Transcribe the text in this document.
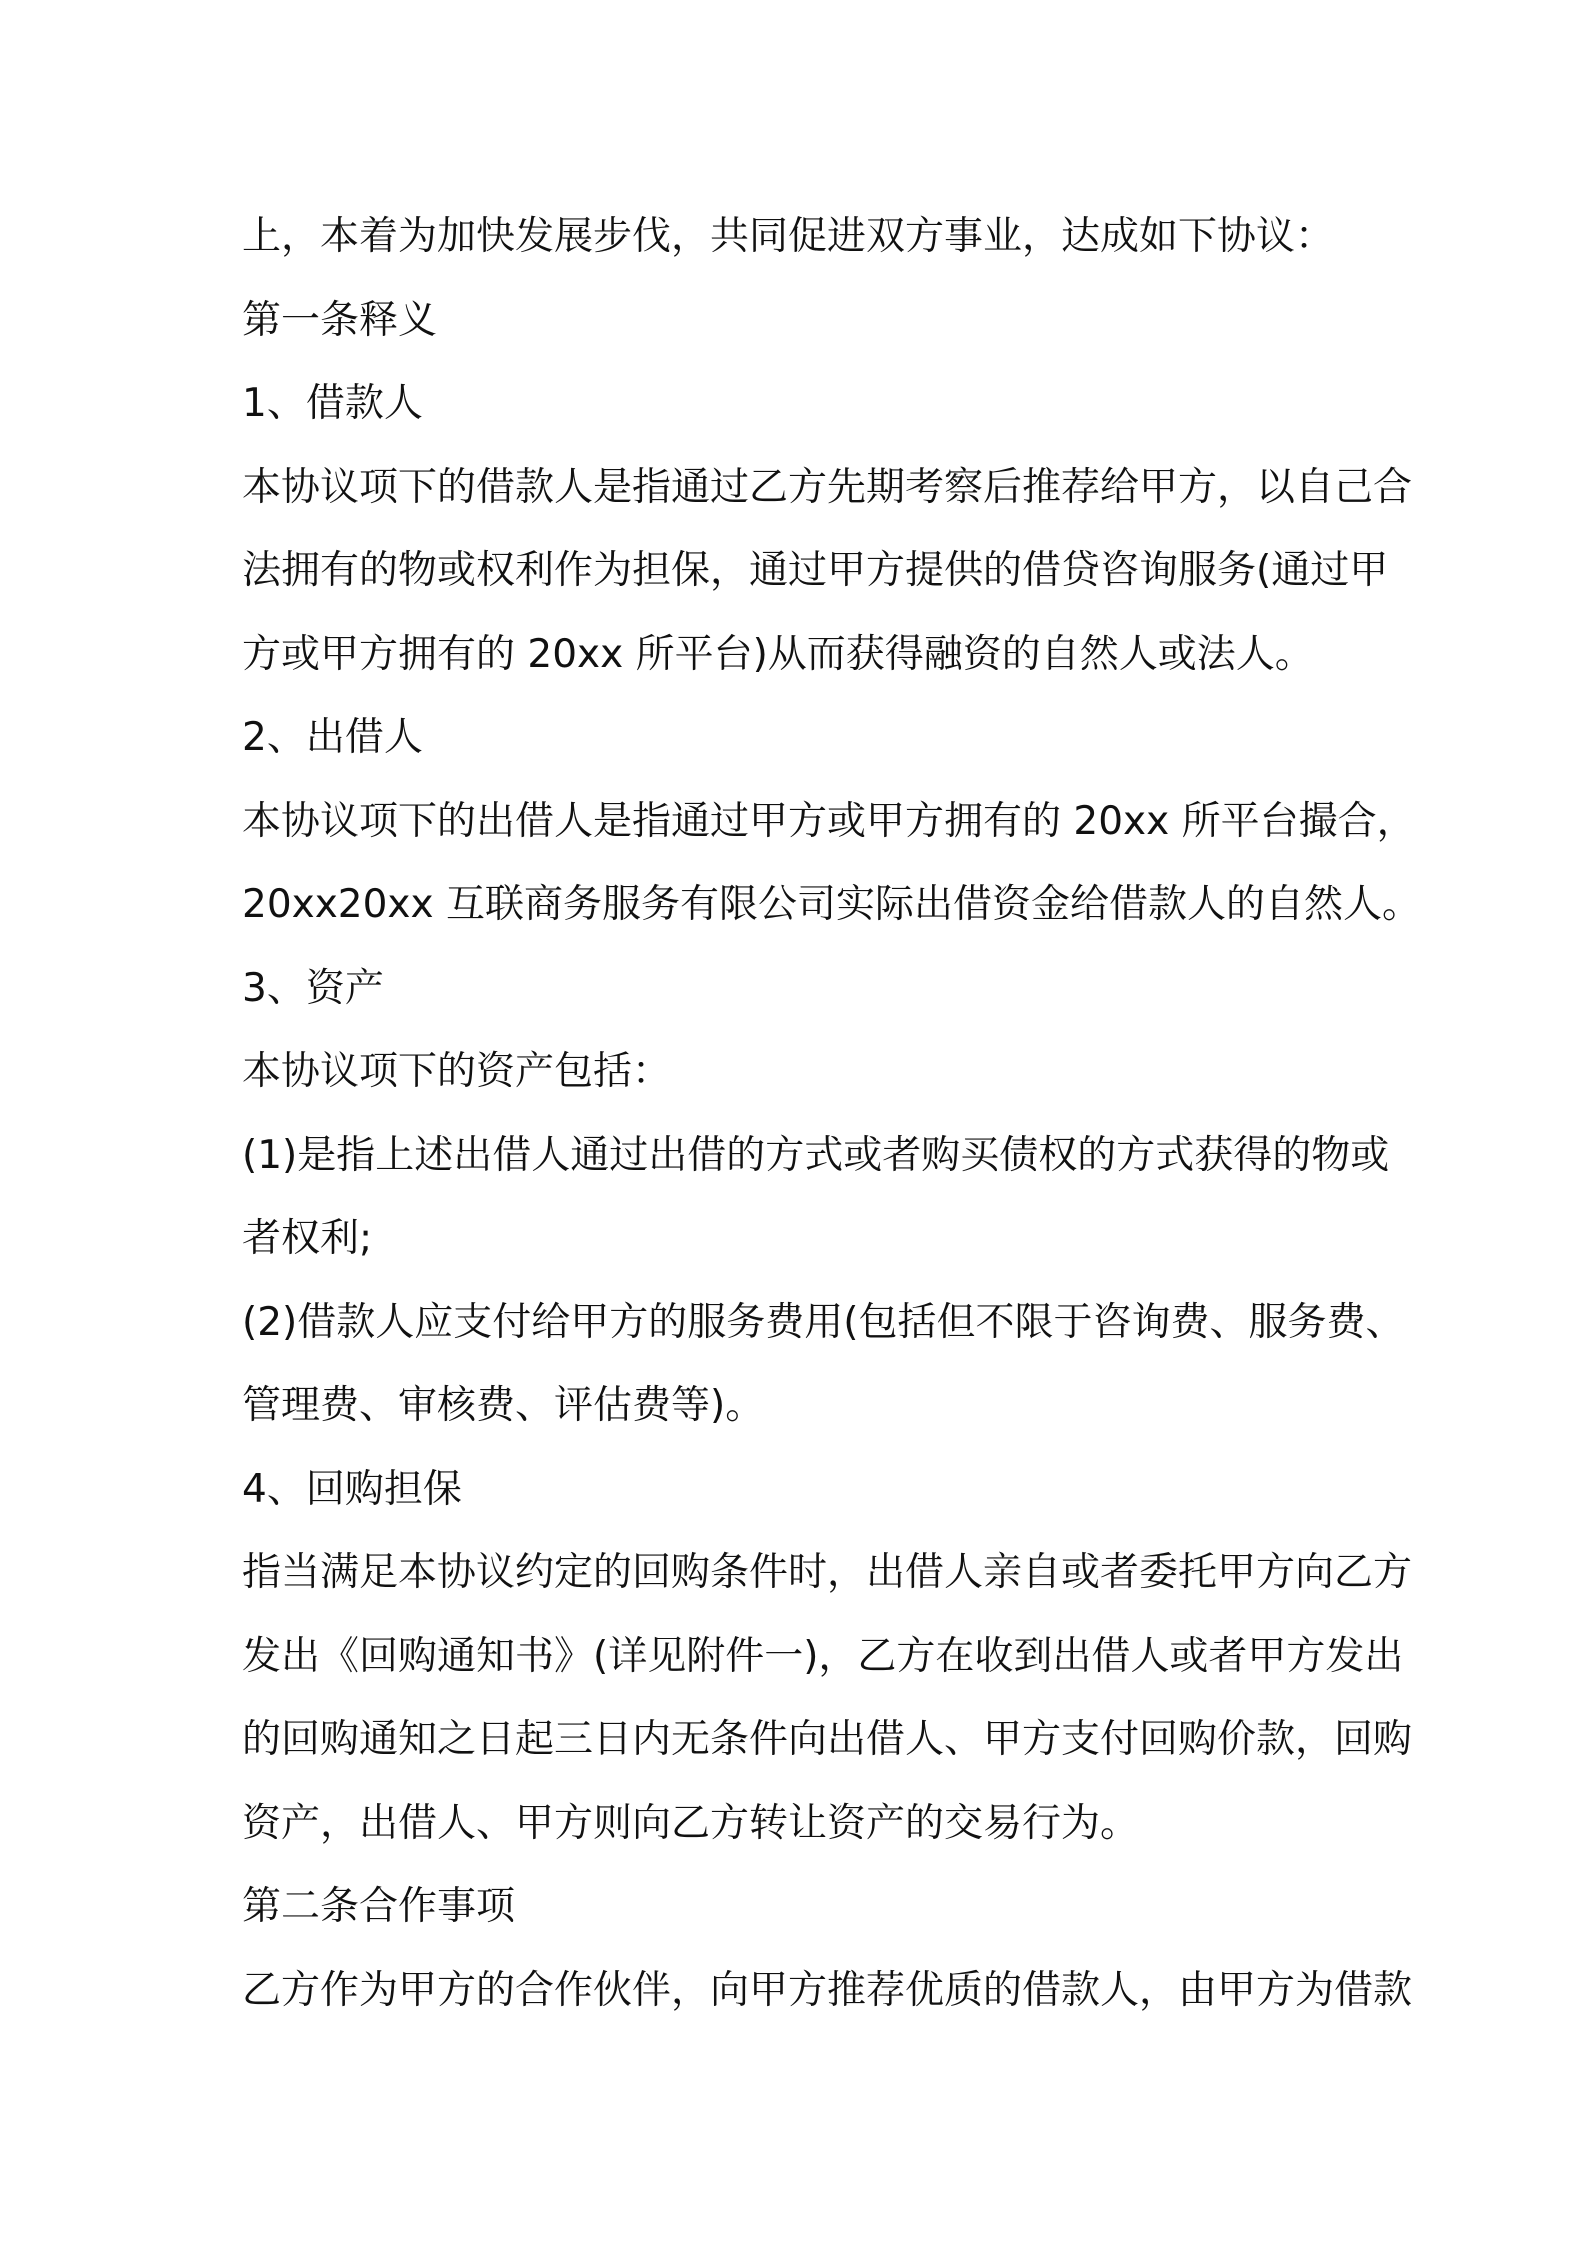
上，本着为加快发展步伐，共同促进双方事业，达成如下协议：
第一条释义
1、借款人
本协议项下的借款人是指通过乙方先期考察后推荐给甲方，以自己合
法拥有的物或权利作为担保，通过甲方提供的借贷咨询服务(通过甲
方或甲方拥有的 20xx 所平台)从而获得融资的自然人或法人。
2、出借人
本协议项下的出借人是指通过甲方或甲方拥有的 20xx 所平台撮合，
20xx20xx 互联商务服务有限公司实际出借资金给借款人的自然人。
3、资产
本协议项下的资产包括：
(1)是指上述出借人通过出借的方式或者购买债权的方式获得的物或
者权利;
(2)借款人应支付给甲方的服务费用(包括但不限于咨询费、服务费、
管理费、审核费、评估费等)。
4、回购担保
指当满足本协议约定的回购条件时，出借人亲自或者委托甲方向乙方
发出《回购通知书》(详见附件一)，乙方在收到出借人或者甲方发出
的回购通知之日起三日内无条件向出借人、甲方支付回购价款，回购
资产，出借人、甲方则向乙方转让资产的交易行为。
第二条合作事项
乙方作为甲方的合作伙伴，向甲方推荐优质的借款人，由甲方为借款
